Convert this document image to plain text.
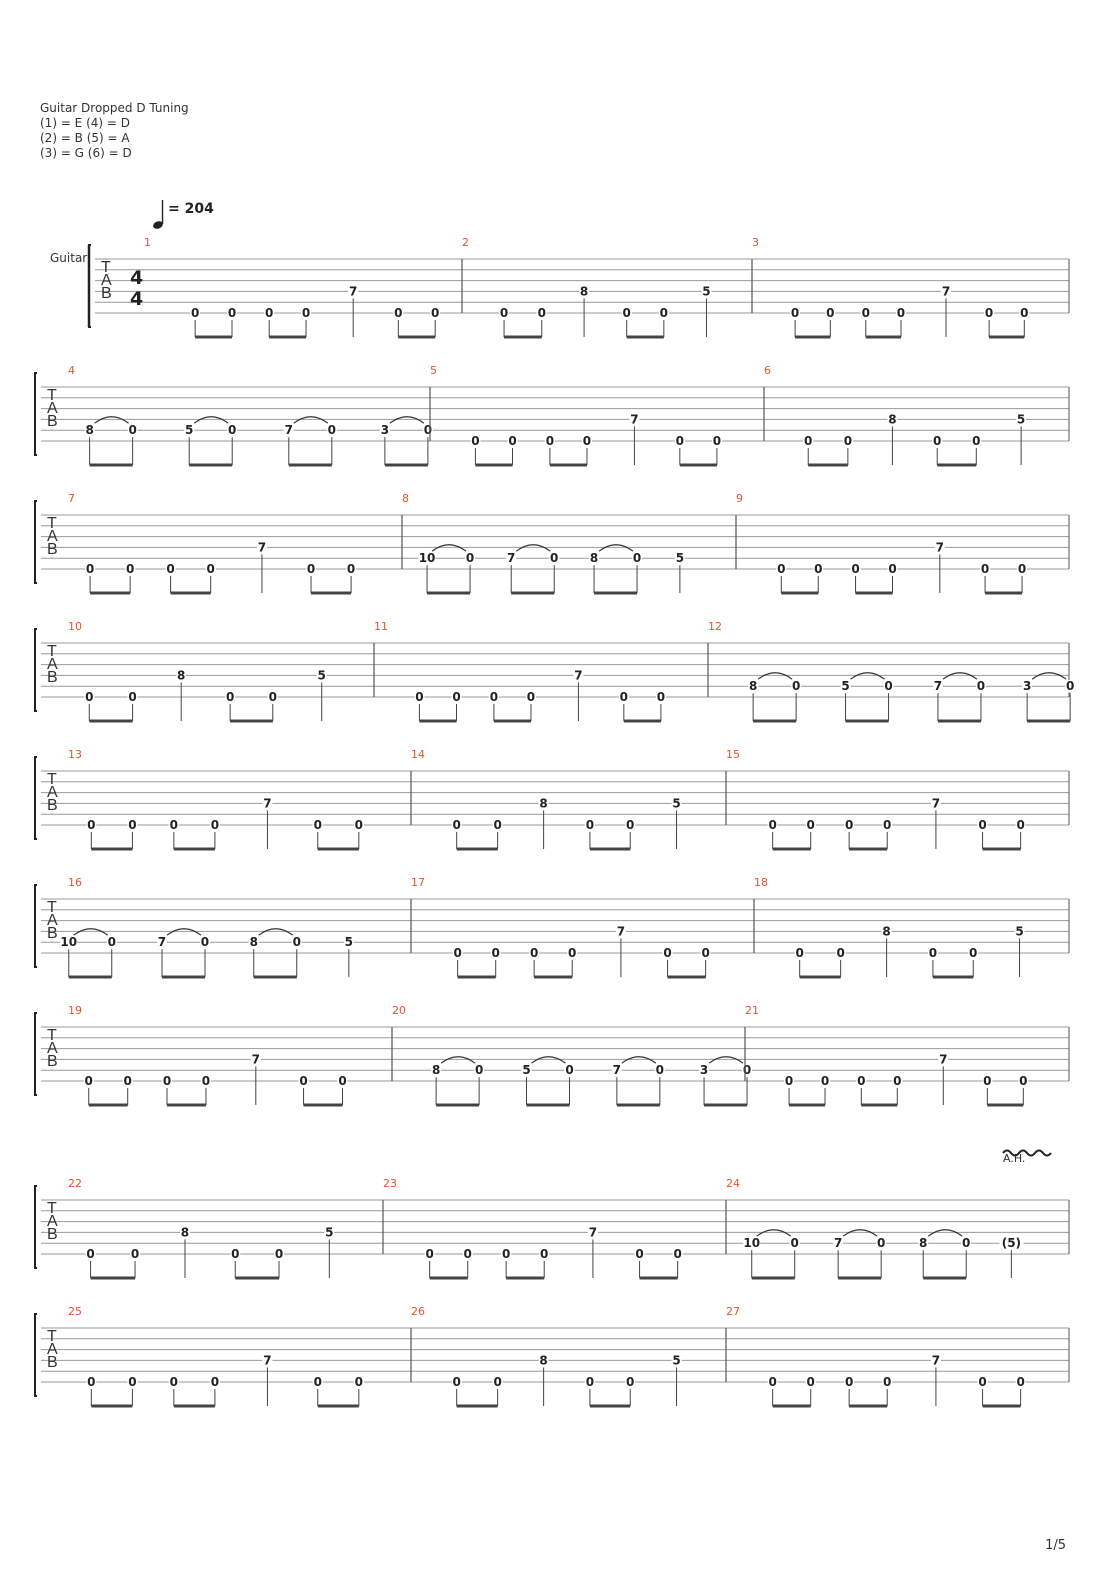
Guitar Dropped D Tuning
(1) = E (4) = D
(2) = B (5) = A
(3) = G (6) = D
= 204
Guitar
T
A
B
4
4
1
0 0 0 0
7
0 0
2
0 0
8
0 0
5
3
0 0 0 0
7
0 0
T
A
B
4
8	0	5	0	7	0	3	0
5
0 0 0 0
7
0 0
6
0	0
8
0	0
5
T
A
B
7
0	0	0	0
7
0	0
8
10	0	7	0	8	0	5
9
0 0 0 0
7
0 0
T
A
B
10
0	0
8
0	0
5
11
0 0 0 0
7
0 0
12
8	0	5	0	7	0	3	0
T
A
B
13
0	0	0	0
7
0	0
14
0	0
8
0	0
5
15
0 0	0 0
7
0 0
T
A
B
16
10	0	7	0	8	0	5
17
0 0	0 0
7
0 0
18
0	0
8
0	0
5
T
A
B
19
0	0	0	0
7
0	0
20
8	0	5	0	7	0	3	0
21
0 0 0 0
7
0 0
T
A
B
22
0	0
8
0	0
5
23
0 0	0 0
7
0 0
24
10	0	7	0	8	0	(5)
A.H.
T
A
B
25
0	0	0	0
7
0	0
26
0	0
8
0	0
5
27
0 0	0 0
7
0 0
1/5
